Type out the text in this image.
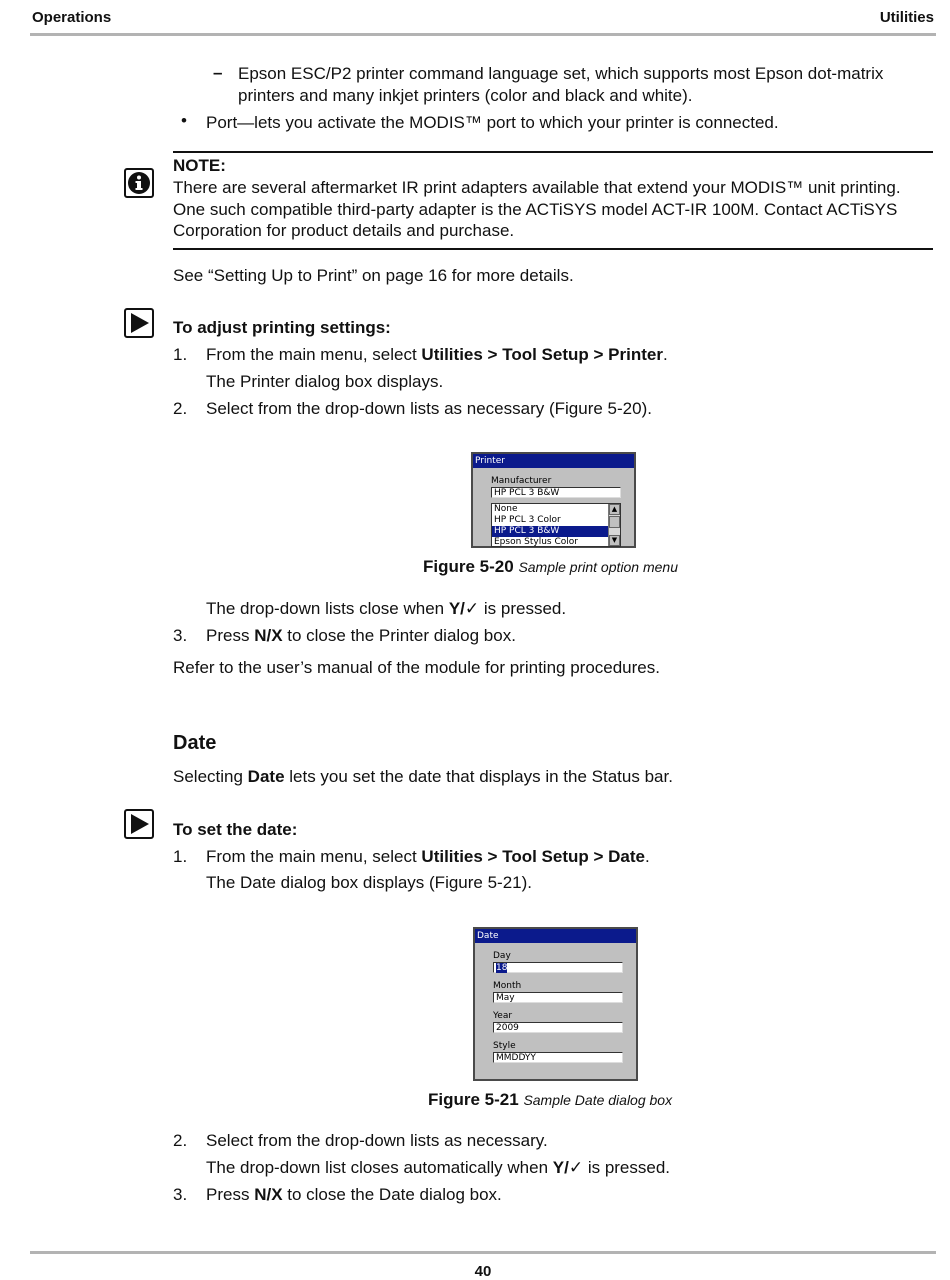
Operations	Utilities
– Epson ESC/P2 printer command language set, which supports most Epson dot-matrix
printers and many inkjet printers (color and black and white).
• Port—lets you activate the MODIS™ port to which your printer is connected.
NOTE:
There are several aftermarket IR print adapters available that extend your MODIS™ unit printing.
One such compatible third-party adapter is the ACTiSYS model ACT-IR 100M. Contact ACTiSYS
Corporation for product details and purchase.
See “Setting Up to Print” on page 16 for more details.
To adjust printing settings:
1. From the main menu, select Utilities > Tool Setup > Printer.
The Printer dialog box displays.
2. Select from the drop-down lists as necessary (Figure 5-20).
Printer
Manufacturer
HP PCL 3 B&W
None
HP PCL 3 Color
HP PCL 3 B&W
Epson Stylus Color
▲
▼
Figure 5-20 Sample print option menu
The drop-down lists close when Y/✓ is pressed.
3. Press N/X to close the Printer dialog box.
Refer to the user’s manual of the module for printing procedures.
Date
Selecting Date lets you set the date that displays in the Status bar.
To set the date:
1. From the main menu, select Utilities > Tool Setup > Date.
The Date dialog box displays (Figure 5-21).
Date
Day
18
Month
May
Year
2009
Style
MMDDYY
Figure 5-21 Sample Date dialog box
2. Select from the drop-down lists as necessary.
The drop-down list closes automatically when Y/✓ is pressed.
3. Press N/X to close the Date dialog box.
40
